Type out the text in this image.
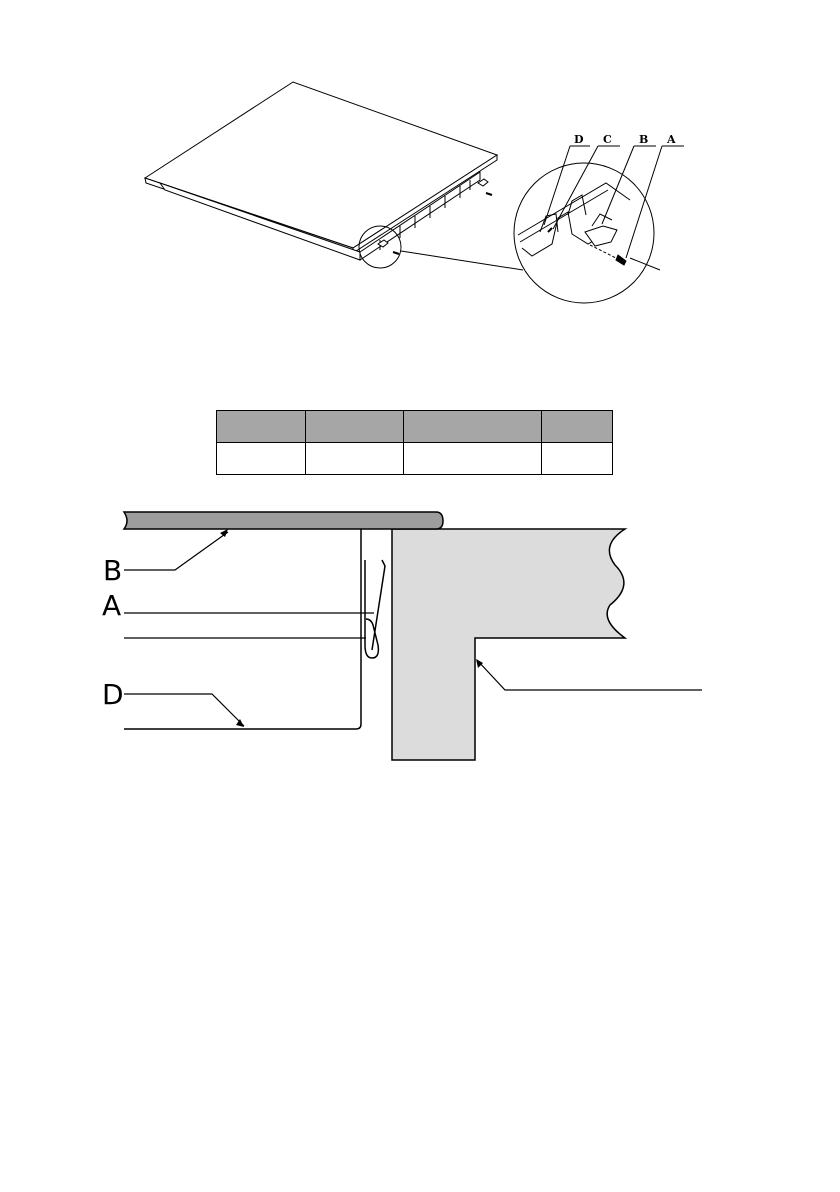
D C B A

B
A
D
